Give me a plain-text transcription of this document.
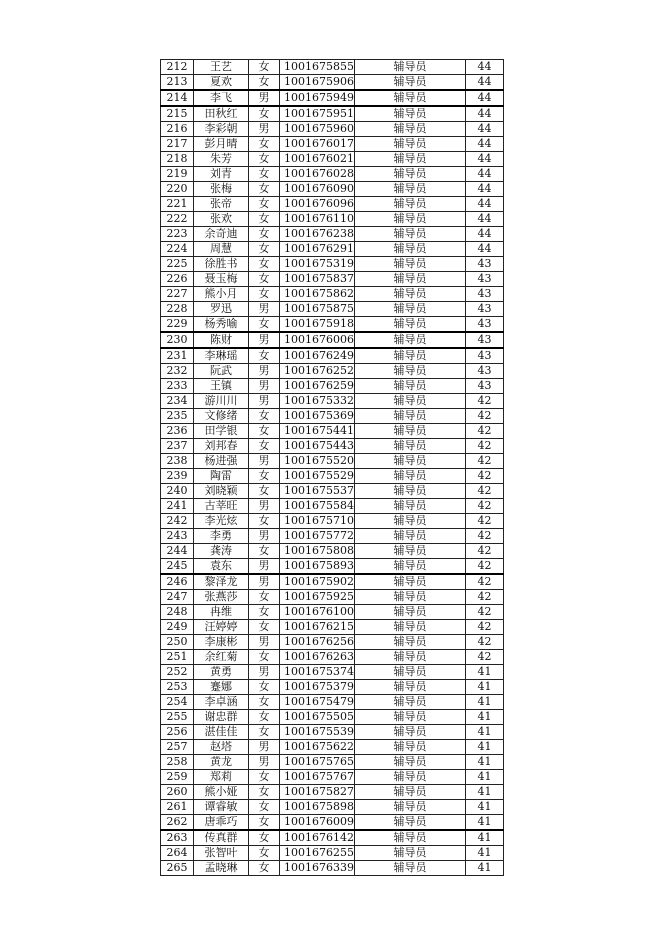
212	王艺	女	1001675855	辅导员	44
213	夏欢	女	1001675906	辅导员	44
214	李飞	男	1001675949	辅导员	44
215	田秋红	女	1001675951	辅导员	44
216	李彩朝	男	1001675960	辅导员	44
217	彭月晴	女	1001676017	辅导员	44
218	朱芳	女	1001676021	辅导员	44
219	刘青	女	1001676028	辅导员	44
220	张梅	女	1001676090	辅导员	44
221	张帝	女	1001676096	辅导员	44
222	张欢	女	1001676110	辅导员	44
223	余奇迪	女	1001676238	辅导员	44
224	周慧	女	1001676291	辅导员	44
225	徐胜书	女	1001675319	辅导员	43
226	聂玉梅	女	1001675837	辅导员	43
227	熊小月	女	1001675862	辅导员	43
228	罗迅	男	1001675875	辅导员	43
229	杨秀喻	女	1001675918	辅导员	43
230	陈财	男	1001676006	辅导员	43
231	李琳瑶	女	1001676249	辅导员	43
232	阮武	男	1001676252	辅导员	43
233	王镇	男	1001676259	辅导员	43
234	游川川	男	1001675332	辅导员	42
235	文修绪	女	1001675369	辅导员	42
236	田学银	女	1001675441	辅导员	42
237	刘邦春	女	1001675443	辅导员	42
238	杨进强	男	1001675520	辅导员	42
239	陶雷	女	1001675529	辅导员	42
240	刘晓颖	女	1001675537	辅导员	42
241	古莘旺	男	1001675584	辅导员	42
242	李光炫	女	1001675710	辅导员	42
243	李勇	男	1001675772	辅导员	42
244	龚涛	女	1001675808	辅导员	42
245	袁东	男	1001675893	辅导员	42
246	黎泽龙	男	1001675902	辅导员	42
247	张燕莎	女	1001675925	辅导员	42
248	冉维	女	1001676100	辅导员	42
249	汪婷婷	女	1001676215	辅导员	42
250	李康彬	男	1001676256	辅导员	42
251	余红菊	女	1001676263	辅导员	42
252	黄勇	男	1001675374	辅导员	41
253	蹇娜	女	1001675379	辅导员	41
254	李卓涵	女	1001675479	辅导员	41
255	谢忠群	女	1001675505	辅导员	41
256	湛佳佳	女	1001675539	辅导员	41
257	赵塔	男	1001675622	辅导员	41
258	黄龙	男	1001675765	辅导员	41
259	郑莉	女	1001675767	辅导员	41
260	熊小娅	女	1001675827	辅导员	41
261	谭睿敏	女	1001675898	辅导员	41
262	唐乖巧	女	1001676009	辅导员	41
263	传真群	女	1001676142	辅导员	41
264	张智叶	女	1001676255	辅导员	41
265	孟晓琳	女	1001676339	辅导员	41
